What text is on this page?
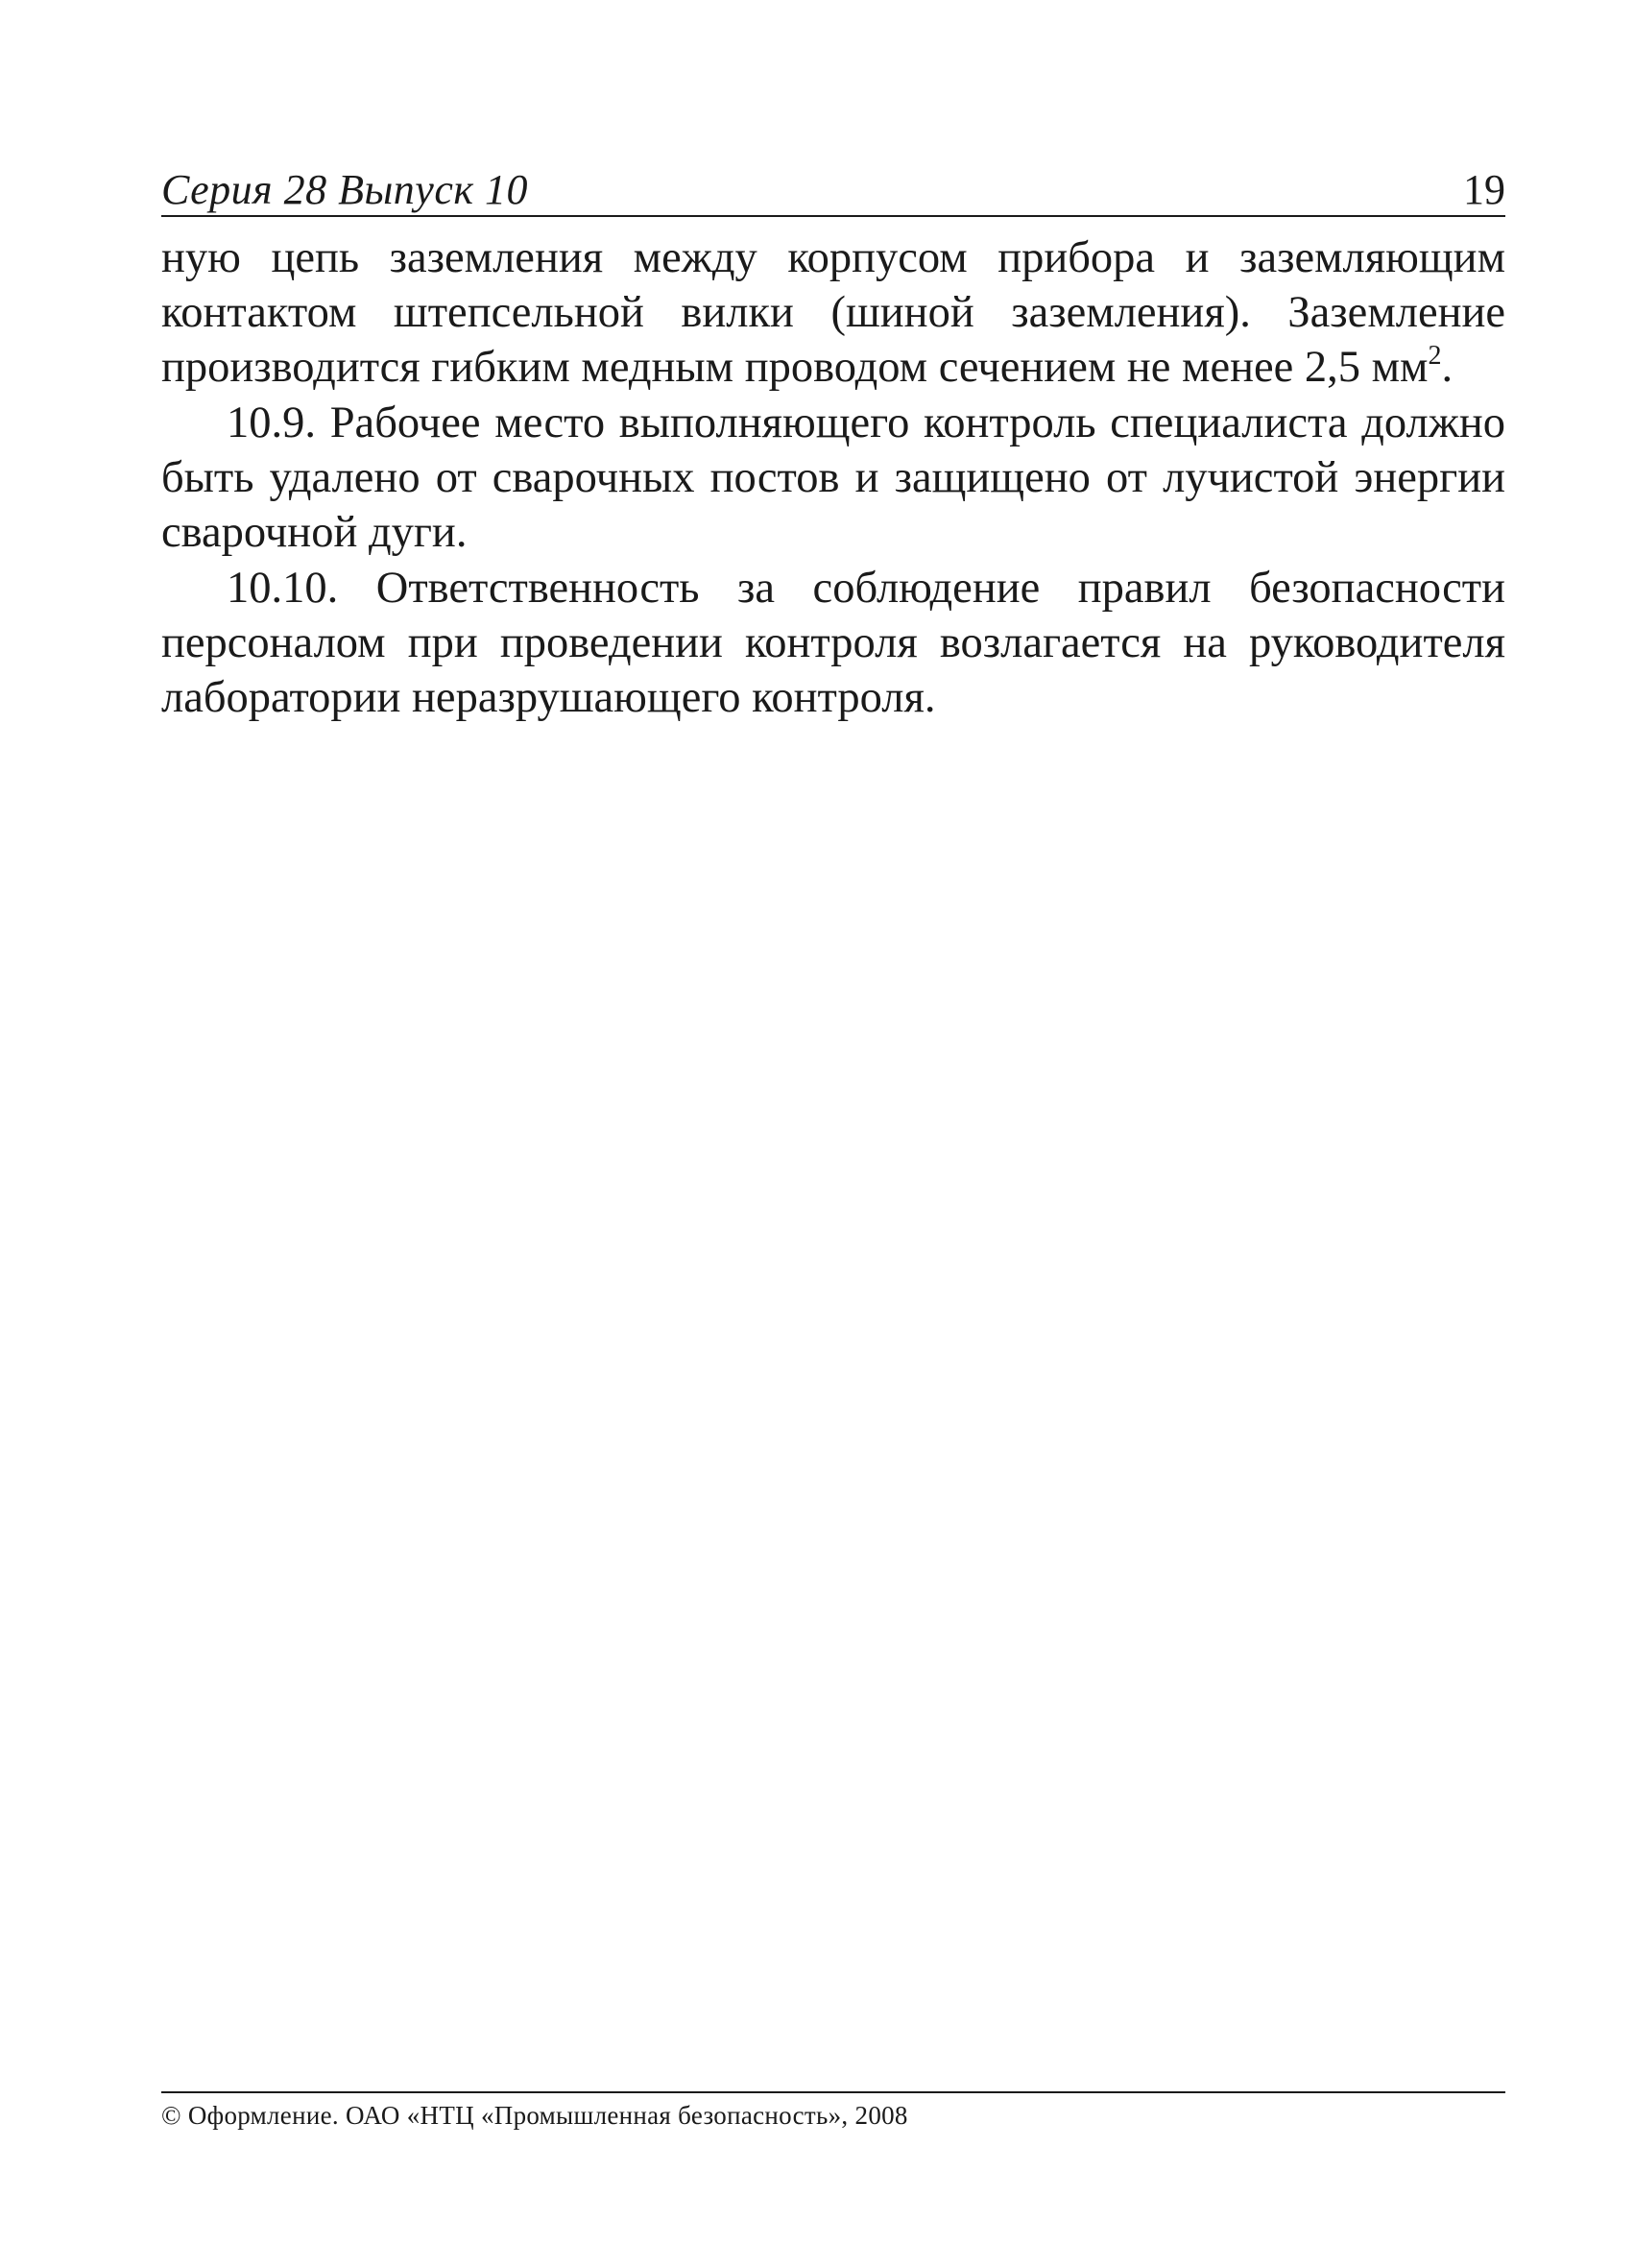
Серия 28 Выпуск 10	19

ную цепь заземления между корпусом прибора и заземляющим контактом штепсельной вилки (шиной заземления). Заземление производится гибким медным проводом сечением не менее 2,5 $мм^2$.

10.9. Рабочее место выполняющего контроль специалиста должно быть удалено от сварочных постов и защищено от лучистой энергии сварочной дуги.

10.10. Ответственность за соблюдение правил безопасности персоналом при проведении контроля возлагается на руководителя лаборатории неразрушающего контроля.

© Оформление. ОАО «НТЦ «Промышленная безопасность», 2008
